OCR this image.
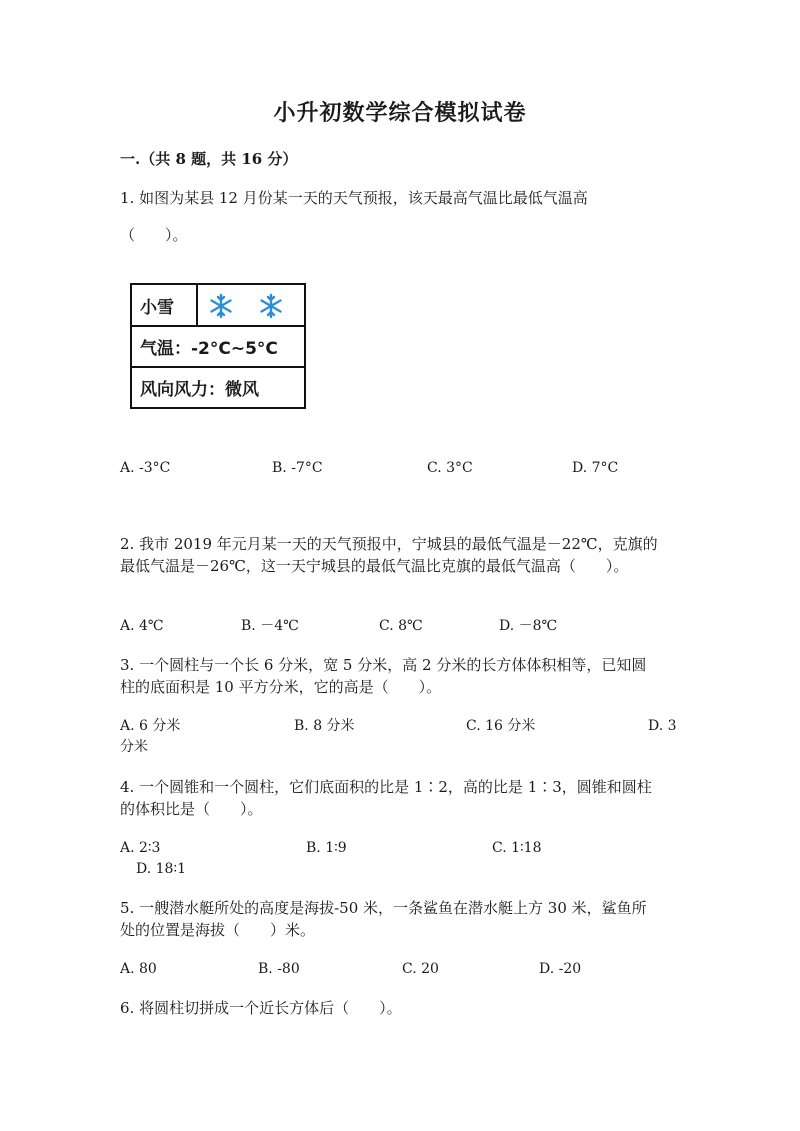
小升初数学综合模拟试卷
一.（共 8 题，共 16 分）
1. 如图为某县 12 月份某一天的天气预报，该天最高气温比最低气温高
（　　）。
小雪
气温：-2°C~5°C
风向风力：微风
A. -3°C	B. -7°C	C. 3°C	D. 7°C
2. 我市 2019 年元月某一天的天气预报中，宁城县的最低气温是－22℃，克旗的
最低气温是－26℃，这一天宁城县的最低气温比克旗的最低气温高（　　）。
A. 4℃	B. －4℃	C. 8℃	D. －8℃
3. 一个圆柱与一个长 6 分米，宽 5 分米，高 2 分米的长方体体积相等，已知圆
柱的底面积是 10 平方分米，它的高是（　　）。
A. 6 分米	B. 8 分米	C. 16 分米	D. 3
分米
4. 一个圆锥和一个圆柱，它们底面积的比是 1∶2，高的比是 1∶3，圆锥和圆柱
的体积比是（　　）。
A. 2∶3	B. 1∶9	C. 1∶18
D. 18∶1
5. 一艘潜水艇所处的高度是海拔-50 米，一条鲨鱼在潜水艇上方 30 米，鲨鱼所
处的位置是海拔（　　）米。
A. 80	B. -80	C. 20	D. -20
6. 将圆柱切拼成一个近长方体后（　　）。
